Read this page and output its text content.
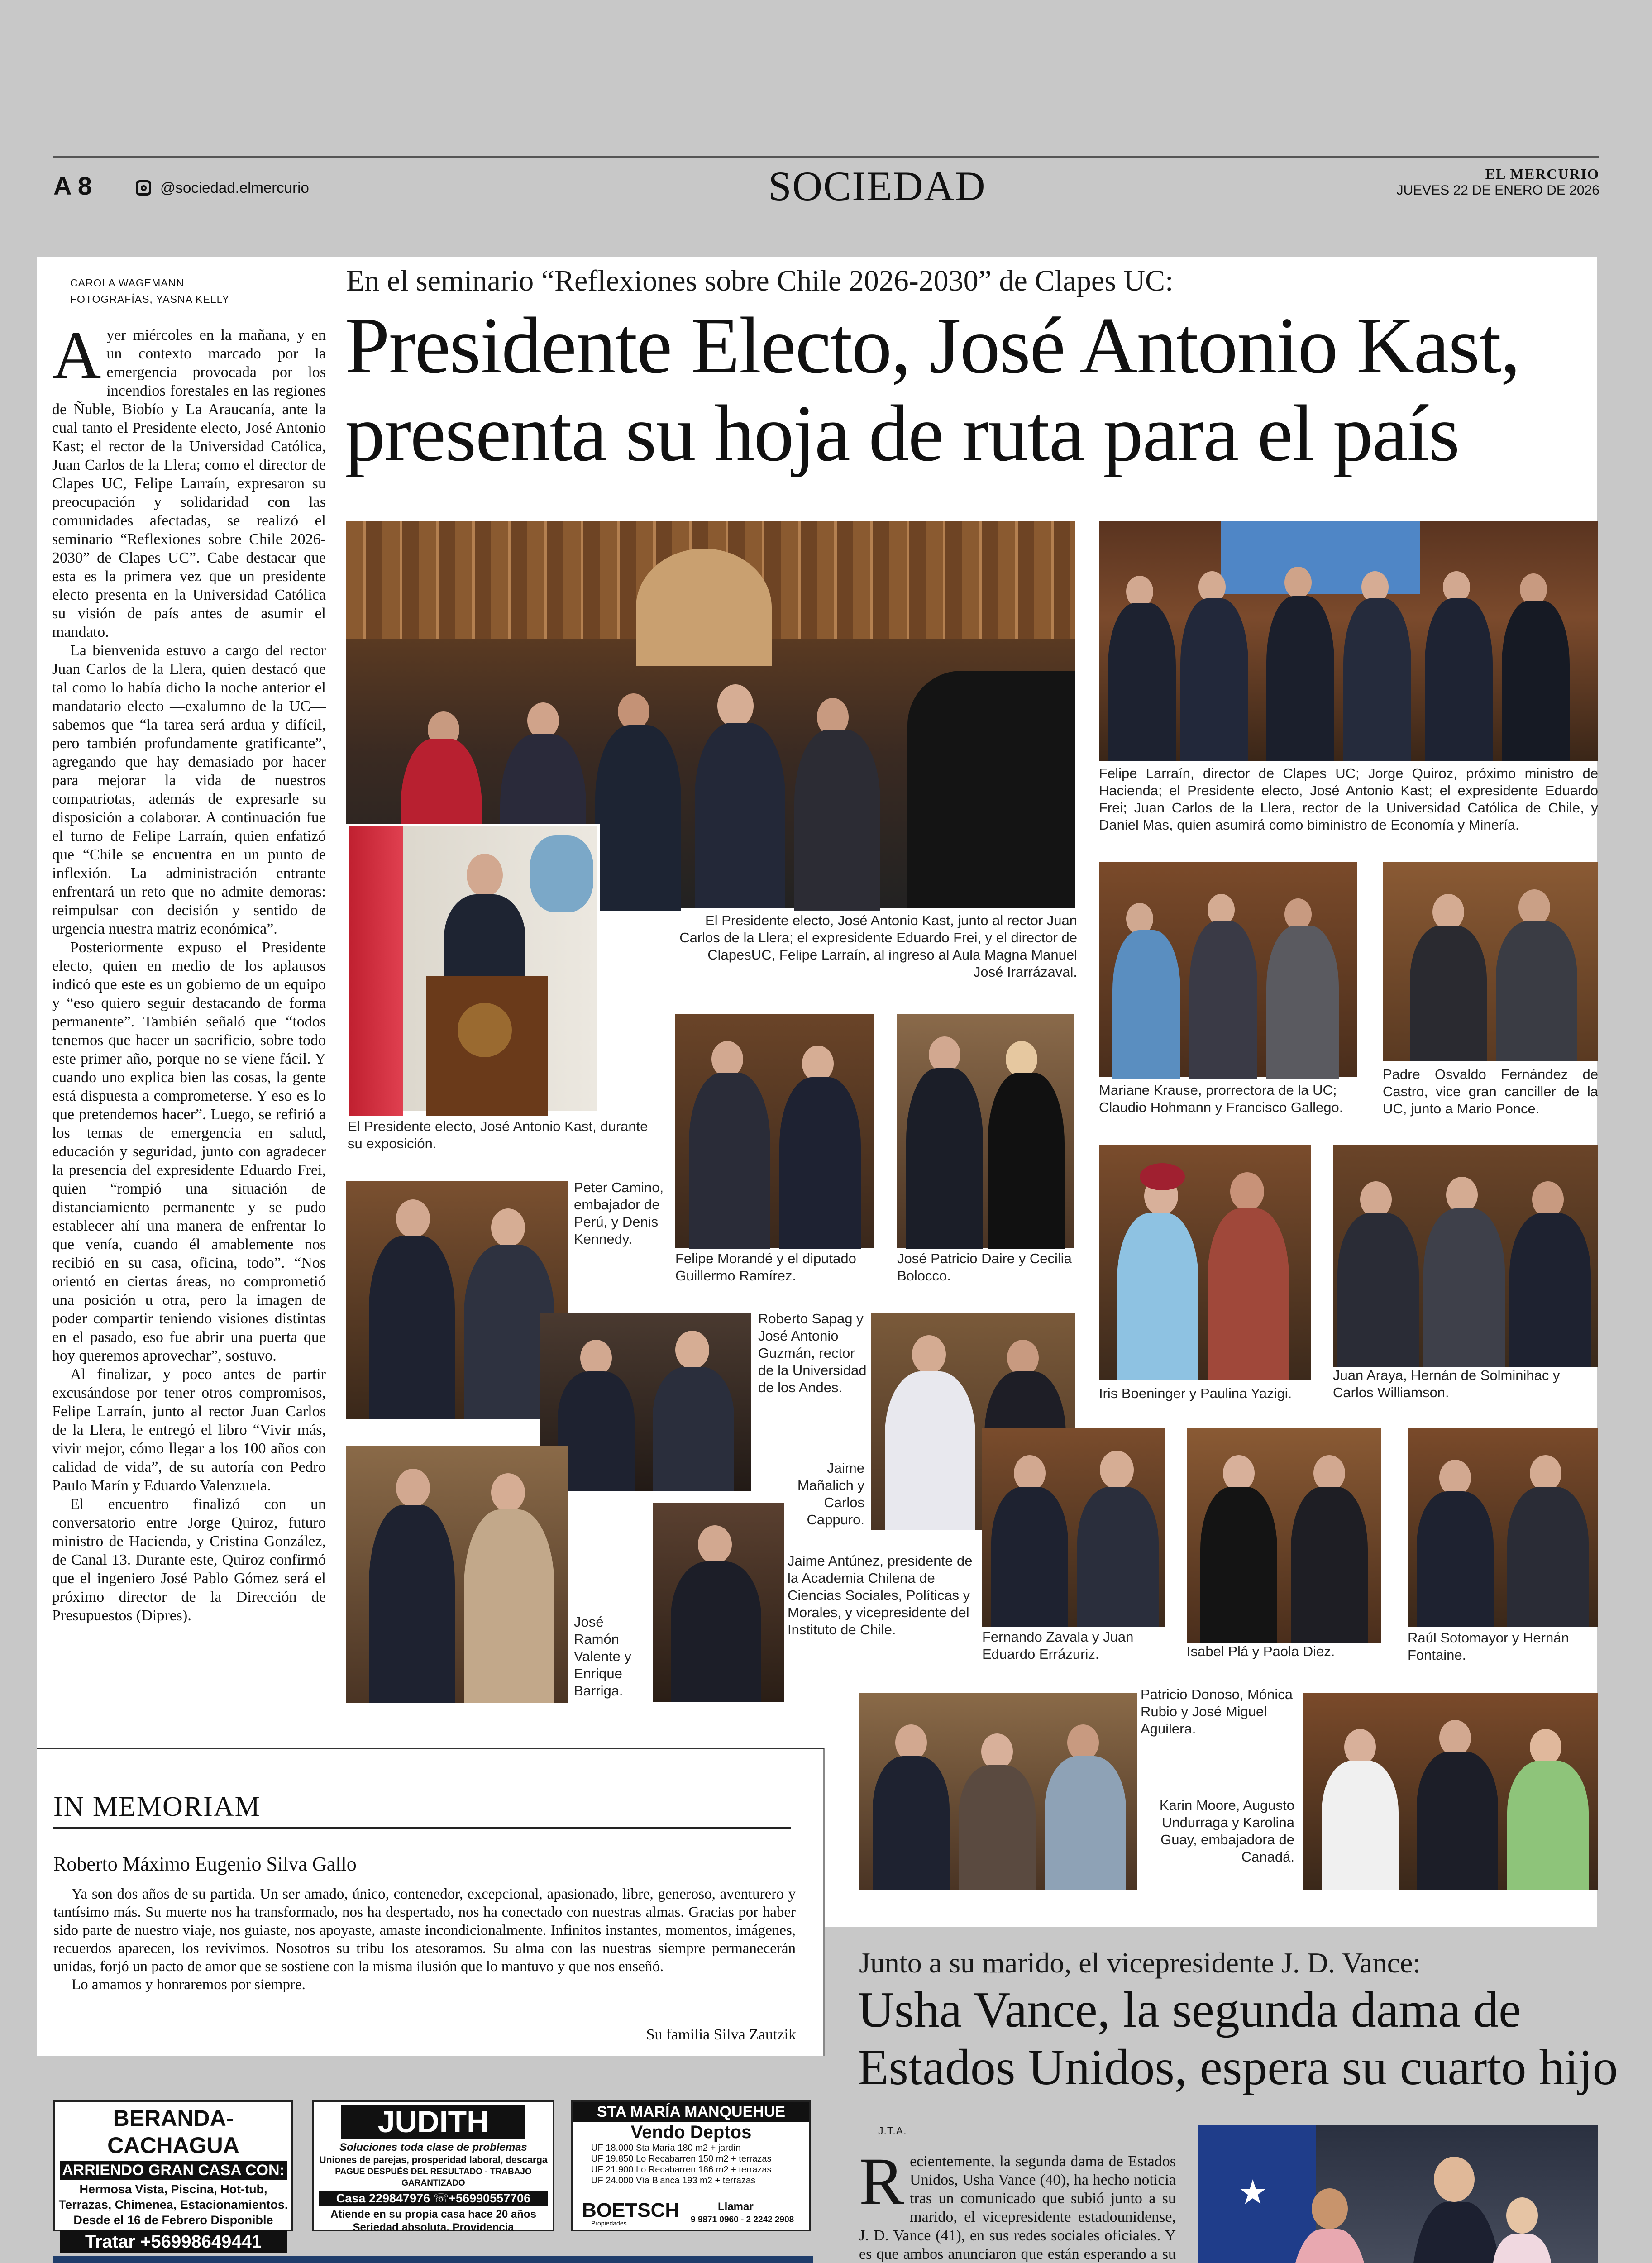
A 8	@sociedad.elmercurio	SOCIEDAD	EL MERCURIO
JUEVES 22 DE ENERO DE 2026
CAROLA WAGEMANN
FOTOGRAFÍAS, YASNA KELLY

Ayer miércoles en la mañana, y en un contexto marcado por la emergencia provocada por los incendios forestales en las regiones de Ñuble, Biobío y La Araucanía, ante la cual tanto el Presidente electo, José Antonio Kast; el rector de la Universidad Católica, Juan Carlos de la Llera; como el director de Clapes UC, Felipe Larraín, expresaron su preocupación y solidaridad con las comunidades afectadas, se realizó el seminario “Reflexiones sobre Chile 2026-2030” de Clapes UC”. Cabe destacar que esta es la primera vez que un presidente electo presenta en la Universidad Católica su visión de país antes de asumir el mandato.

La bienvenida estuvo a cargo del rector Juan Carlos de la Llera, quien destacó que tal como lo había dicho la noche anterior el mandatario electo —exalumno de la UC— sabemos que “la tarea será ardua y difícil, pero también profundamente gratificante”, agregando que hay demasiado por hacer para mejorar la vida de nuestros compatriotas, además de expresarle su disposición a colaborar. A continuación fue el turno de Felipe Larraín, quien enfatizó que “Chile se encuentra en un punto de inflexión. La administración entrante enfrentará un reto que no admite demoras: reimpulsar con decisión y sentido de urgencia nuestra matriz económica”.

Posteriormente expuso el Presidente electo, quien en medio de los aplausos indicó que este es un gobierno de un equipo y “eso quiero seguir destacando de forma permanente”. También señaló que “todos tenemos que hacer un sacrificio, sobre todo este primer año, porque no se viene fácil. Y cuando uno explica bien las cosas, la gente está dispuesta a comprometerse. Y eso es lo que pretendemos hacer”. Luego, se refirió a los temas de emergencia en salud, educación y seguridad, junto con agradecer la presencia del expresidente Eduardo Frei, quien “rompió una situación de distanciamiento permanente y se pudo establecer ahí una manera de enfrentar lo que venía, cuando él amablemente nos recibió en su casa, oficina, todo”. “Nos orientó en ciertas áreas, no comprometió una posición u otra, pero la imagen de poder compartir teniendo visiones distintas en el pasado, eso fue abrir una puerta que hoy queremos aprovechar”, sostuvo.

Al finalizar, y poco antes de partir excusándose por tener otros compromisos, Felipe Larraín, junto al rector Juan Carlos de la Llera, le entregó el libro “Vivir más, vivir mejor, cómo llegar a los 100 años con calidad de vida”, de su autoría con Pedro Paulo Marín y Eduardo Valenzuela.

El encuentro finalizó con un conversatorio entre Jorge Quiroz, futuro ministro de Hacienda, y Cristina González, de Canal 13. Durante este, Quiroz confirmó que el ingeniero José Pablo Gómez será el próximo director de la Dirección de Presupuestos (Dipres).

En el seminario “Reflexiones sobre Chile 2026-2030” de Clapes UC:
Presidente Electo, José Antonio Kast,
presenta su hoja de ruta para el país
El Presidente electo, José Antonio Kast, durante su exposición.
El Presidente electo, José Antonio Kast, junto al rector Juan Carlos de la Llera; el expresidente Eduardo Frei, y el director de ClapesUC, Felipe Larraín, al ingreso al Aula Magna Manuel José Irarrázaval.
Felipe Larraín, director de Clapes UC; Jorge Quiroz, próximo ministro de Hacienda; el Presidente electo, José Antonio Kast; el expresidente Eduardo Frei; Juan Carlos de la Llera, rector de la Universidad Católica de Chile, y Daniel Mas, quien asumirá como biministro de Economía y Minería.
Mariane Krause, prorrectora de la UC; Claudio Hohmann y Francisco Gallego.
Padre Osvaldo Fernández de Castro, vice gran canciller de la UC, junto a Mario Ponce.
Felipe Morandé y el diputado Guillermo Ramírez.
José Patricio Daire y Cecilia Bolocco.
Iris Boeninger y Paulina Yazigi.
Juan Araya, Hernán de Solminihac y Carlos Williamson.
Peter Camino, embajador de Perú, y Denis Kennedy.
Roberto Sapag y José Antonio Guzmán, rector de la Universidad de los Andes.
Jaime Mañalich y Carlos Cappuro.
José Ramón Valente y Enrique Barriga.
Jaime Antúnez, presidente de la Academia Chilena de Ciencias Sociales, Políticas y Morales, y vicepresidente del Instituto de Chile.	Fernando Zavala y Juan Eduardo Errázuriz.	Isabel Plá y Paola Diez.
Raúl Sotomayor y Hernán Fontaine.
Patricio Donoso, Mónica Rubio y José Miguel Aguilera.
Karin Moore, Augusto Undurraga y Karolina Guay, embajadora de Canadá.
IN MEMORIAM
Roberto Máximo Eugenio Silva Gallo

Ya son dos años de su partida. Un ser amado, único, contenedor, excepcional, apasionado, libre, generoso, aventurero y tantísimo más. Su muerte nos ha transformado, nos ha despertado, nos ha conectado con nuestras almas. Gracias por haber sido parte de nuestro viaje, nos guiaste, nos apoyaste, amaste incondicionalmente. Infinitos instantes, momentos, imágenes, recuerdos aparecen, los revivimos. Nosotros su tribu los atesoramos. Su alma con las nuestras siempre permanecerán unidas, forjó un pacto de amor que se sostiene con la misma ilusión que lo mantuvo y que nos enseñó.

Lo amamos y honraremos por siempre.

Su familia Silva Zautzik
BERANDA-CACHAGUA
ARRIENDO GRAN CASA CON:
Hermosa Vista, Piscina, Hot-tub,
Terrazas, Chimenea, Estacionamientos.
Desde el 16 de Febrero Disponible
Tratar +56998649441
JUDITH
Soluciones toda clase de problemas
Uniones de parejas, prosperidad laboral, descarga
PAGUE DESPUÉS DEL RESULTADO - TRABAJO GARANTIZADO
Casa 229847976 ☏+56990557706
Atiende en su propia casa hace 20 años
Seriedad absoluta. Providencia
STA MARÍA MANQUEHUE
Vendo Deptos
UF 18.000 Sta María 180 m2 + jardín
UF 19.850 Lo Recabarren 150 m2 + terrazas
UF 21.900 Lo Recabarren 186 m2 + terrazas
UF 24.000 Vía Blanca 193 m2 + terrazas
BOETSCH
Propiedades
Llamar
9 9871 0960 - 2 2242 2908
Junto a su marido, el vicepresidente J. D. Vance:
Usha Vance, la segunda dama de
Estados Unidos, espera su cuarto hijo
J.T.A.

Recientemente, la segunda dama de Estados Unidos, Usha Vance (40), ha hecho noticia tras un comunicado que subió junto a su marido, el vicepresidente estadounidense, J. D. Vance (41), en sus redes sociales oficiales. Y es que ambos anunciaron que están esperando a su
